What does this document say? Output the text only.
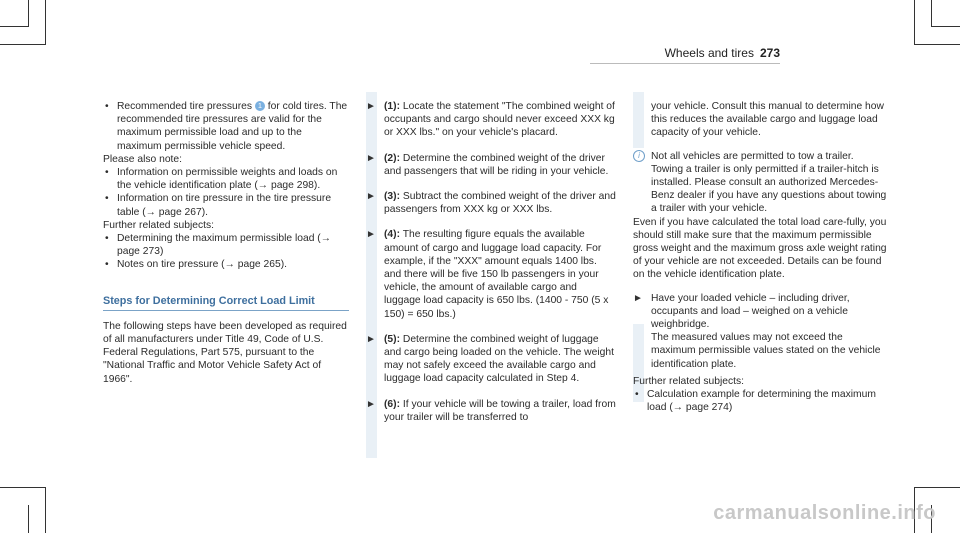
Wheels and tires 273
• Recommended tire pressures 1 for cold tires. The recommended tire pressures are valid for the maximum permissible load and up to the maximum permissible vehicle speed.

Please also note:

• Information on permissible weights and loads on the vehicle identification plate (→ page 298).
• Information on tire pressure in the tire pressure table (→ page 267).

Further related subjects:

• Determining the maximum permissible load (→ page 273)
• Notes on tire pressure (→ page 265).
Steps for Determining Correct Load Limit

The following steps have been developed as required of all manufacturers under Title 49, Code of U.S. Federal Regulations, Part 575, pursuant to the "National Traffic and Motor Vehicle Safety Act of 1966".

► (1): Locate the statement "The combined weight of occupants and cargo should never exceed XXX kg or XXX lbs." on your vehicle's placard.
► (2): Determine the combined weight of the driver and passengers that will be riding in your vehicle.
► (3): Subtract the combined weight of the driver and passengers from XXX kg or XXX lbs.
► (4): The resulting figure equals the available amount of cargo and luggage load capacity. For example, if the "XXX" amount equals 1400 lbs. and there will be five 150 lb passengers in your vehicle, the amount of available cargo and luggage load capacity is 650 lbs. (1400 - 750 (5 x 150) = 650 lbs.)
► (5): Determine the combined weight of luggage and cargo being loaded on the vehicle. The weight may not safely exceed the available cargo and luggage load capacity calculated in Step 4.
► (6): If your vehicle will be towing a trailer, load from your trailer will be transferred to

your vehicle. Consult this manual to determine how this reduces the available cargo and luggage load capacity of your vehicle.

i	Not all vehicles are permitted to tow a trailer. Towing a trailer is only permitted if a trailer-hitch is installed. Please consult an authorized Mercedes-Benz dealer if you have any questions about towing a trailer with your vehicle.

Even if you have calculated the total load care-fully, you should still make sure that the maximum permissible gross weight and the maximum gross axle weight rating of your vehicle are not exceeded. Details can be found on the vehicle identification plate.

► Have your loaded vehicle – including driver, occupants and load – weighed on a vehicle weighbridge.
The measured values may not exceed the maximum permissible values stated on the vehicle identification plate.

Further related subjects:

• Calculation example for determining the maximum load (→ page 274)
carmanualsonline.info
